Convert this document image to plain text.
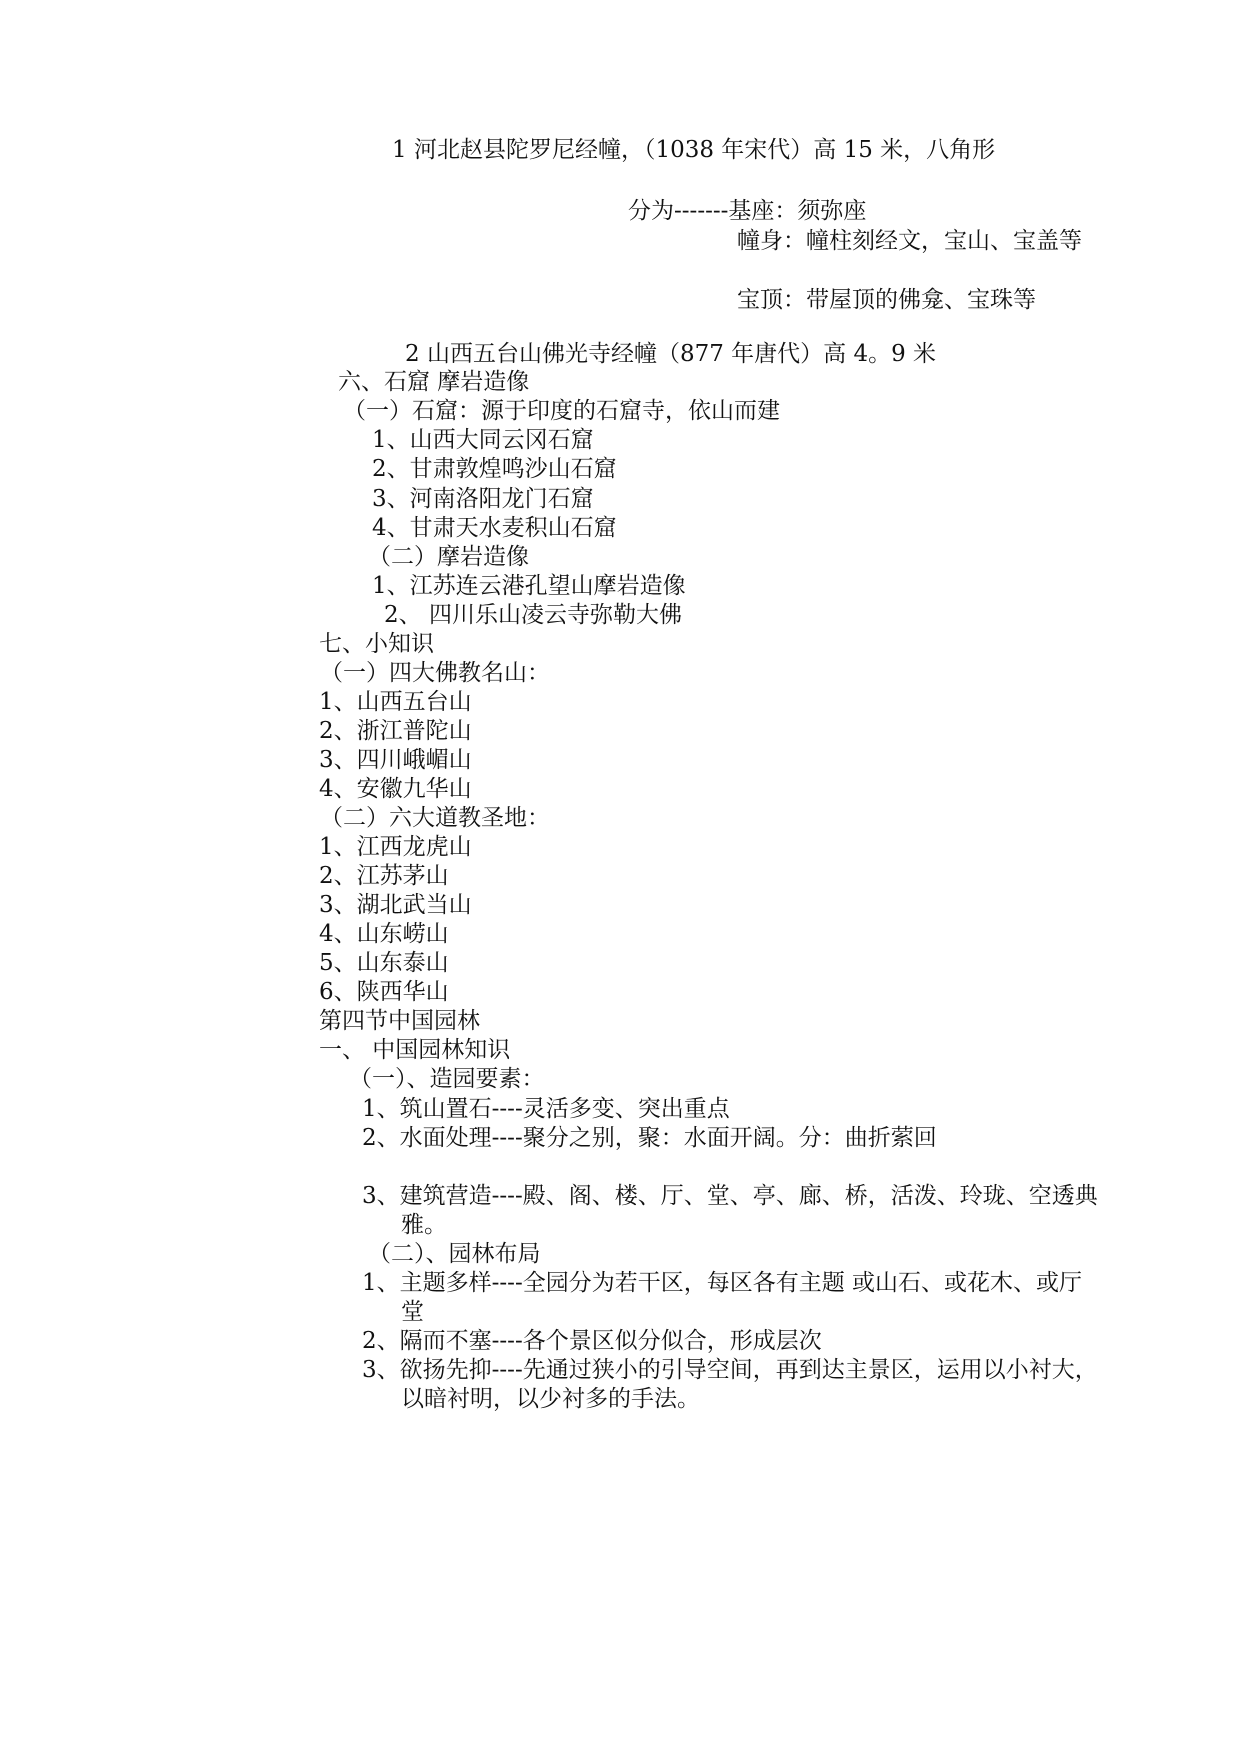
1 河北赵县陀罗尼经幢，（1038 年宋代）高 15 米，八角形
分为-------基座：须弥座
幢身：幢柱刻经文，宝山、宝盖等
宝顶：带屋顶的佛龛、宝珠等
2 山西五台山佛光寺经幢（877 年唐代）高 4。9 米
六、石窟 摩岩造像
（一）石窟：源于印度的石窟寺，依山而建
1、山西大同云冈石窟
2、甘肃敦煌鸣沙山石窟
3、河南洛阳龙门石窟
4、甘肃天水麦积山石窟
（二）摩岩造像
1、江苏连云港孔望山摩岩造像
2、 四川乐山凌云寺弥勒大佛
七、小知识
（一）四大佛教名山：
1、山西五台山
2、浙江普陀山
3、四川峨嵋山
4、安徽九华山
（二）六大道教圣地：
1、江西龙虎山
2、江苏茅山
3、湖北武当山
4、山东崂山
5、山东泰山
6、陕西华山
第四节中国园林
一、 中国园林知识
（一）、造园要素：
1、筑山置石----灵活多变、突出重点
2、水面处理----聚分之别，聚：水面开阔。分：曲折萦回
3、建筑营造----殿、阁、楼、厅、堂、亭、廊、桥，活泼、玲珑、空透典
雅。
（二）、园林布局
1、主题多样----全园分为若干区，每区各有主题 或山石、或花木、或厅
堂
2、隔而不塞----各个景区似分似合，形成层次
3、欲扬先抑----先通过狭小的引导空间，再到达主景区，运用以小衬大，
以暗衬明，以少衬多的手法。
